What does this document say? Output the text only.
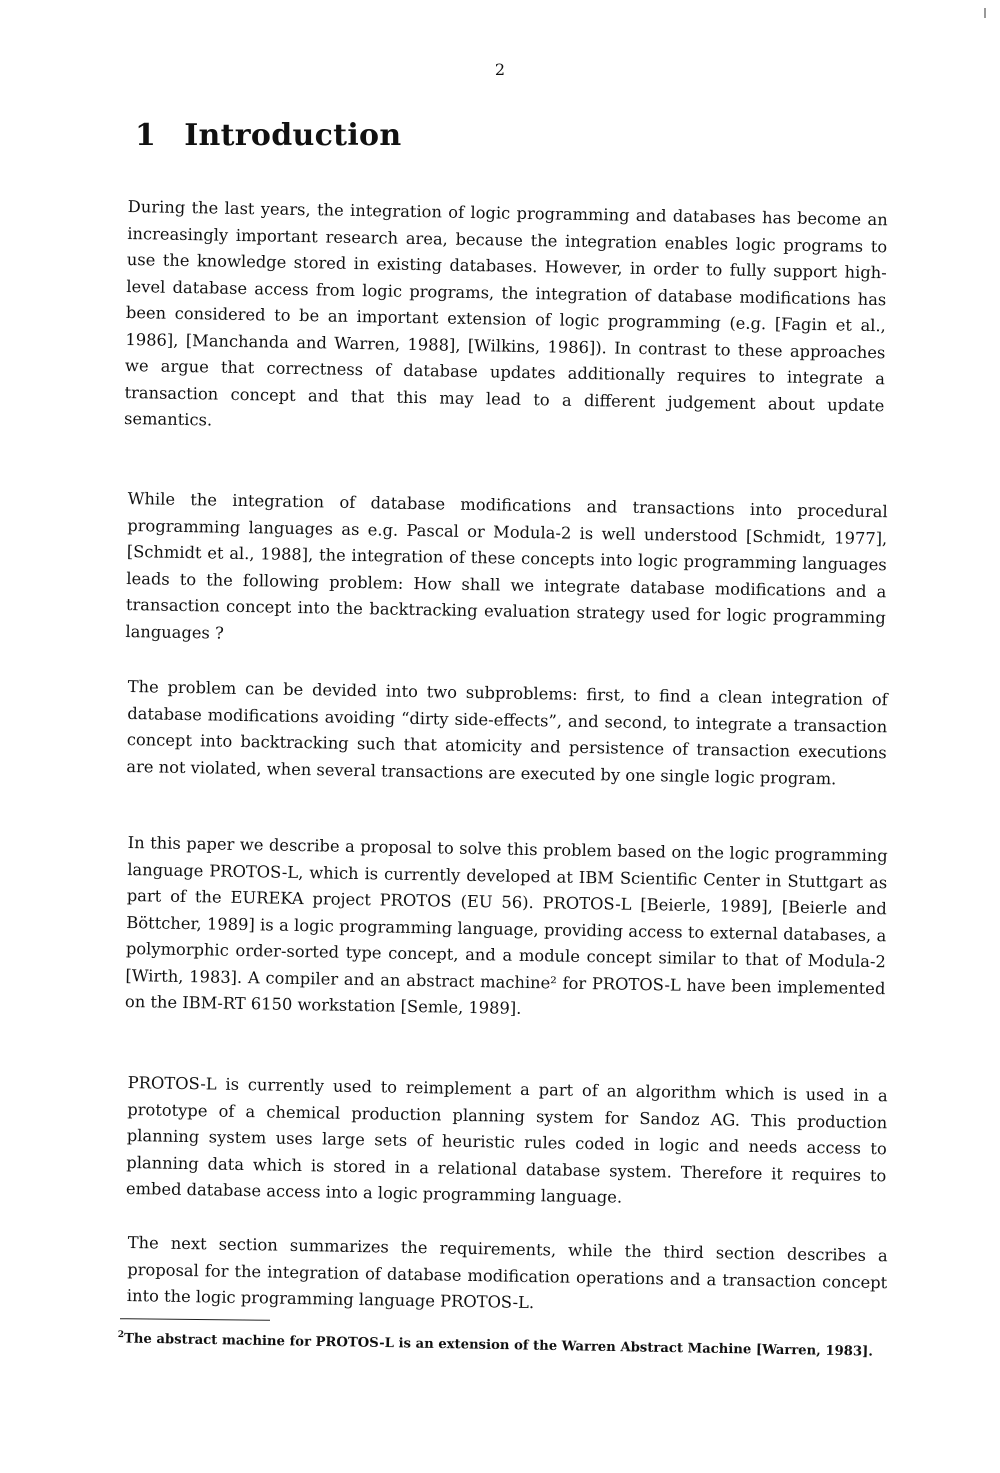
2
1 Introduction

During the last years, the integration of logic programming and databases has become an increasingly important research area, because the integration enables logic programs to use the knowledge stored in existing databases. However, in order to fully support high-level database access from logic programs, the integration of database modifications has been considered to be an important extension of logic programming (e.g. [Fagin et al., 1986], [Manchanda and Warren, 1988], [Wilkins, 1986]). In contrast to these approaches we argue that correctness of database updates additionally requires to integrate a transaction concept and that this may lead to a different judgement about update semantics.

While the integration of database modifications and transactions into procedural programming languages as e.g. Pascal or Modula-2 is well understood [Schmidt, 1977], [Schmidt et al., 1988], the integration of these concepts into logic programming languages leads to the following problem: How shall we integrate database modifications and a transaction concept into the backtracking evaluation strategy used for logic programming languages ?

The problem can be devided into two subproblems: first, to find a clean integration of database modifications avoiding “dirty side-effects”, and second, to integrate a transaction concept into backtracking such that atomicity and persistence of transaction executions are not violated, when several transactions are executed by one single logic program.

In this paper we describe a proposal to solve this problem based on the logic programming language PROTOS-L, which is currently developed at IBM Scientific Center in Stuttgart as part of the EUREKA project PROTOS (EU 56). PROTOS-L [Beierle, 1989], [Beierle and Böttcher, 1989] is a logic programming language, providing access to external databases, a polymorphic order-sorted type concept, and a module concept similar to that of Modula-2 [Wirth, 1983]. A compiler and an abstract machine² for PROTOS-L have been implemented on the IBM-RT 6150 workstation [Semle, 1989].

PROTOS-L is currently used to reimplement a part of an algorithm which is used in a prototype of a chemical production planning system for Sandoz AG. This production planning system uses large sets of heuristic rules coded in logic and needs access to planning data which is stored in a relational database system. Therefore it requires to embed database access into a logic programming language.

The next section summarizes the requirements, while the third section describes a proposal for the integration of database modification operations and a transaction concept into the logic programming language PROTOS-L.

$^2$The abstract machine for PROTOS-L is an extension of the Warren Abstract Machine [Warren, 1983].
